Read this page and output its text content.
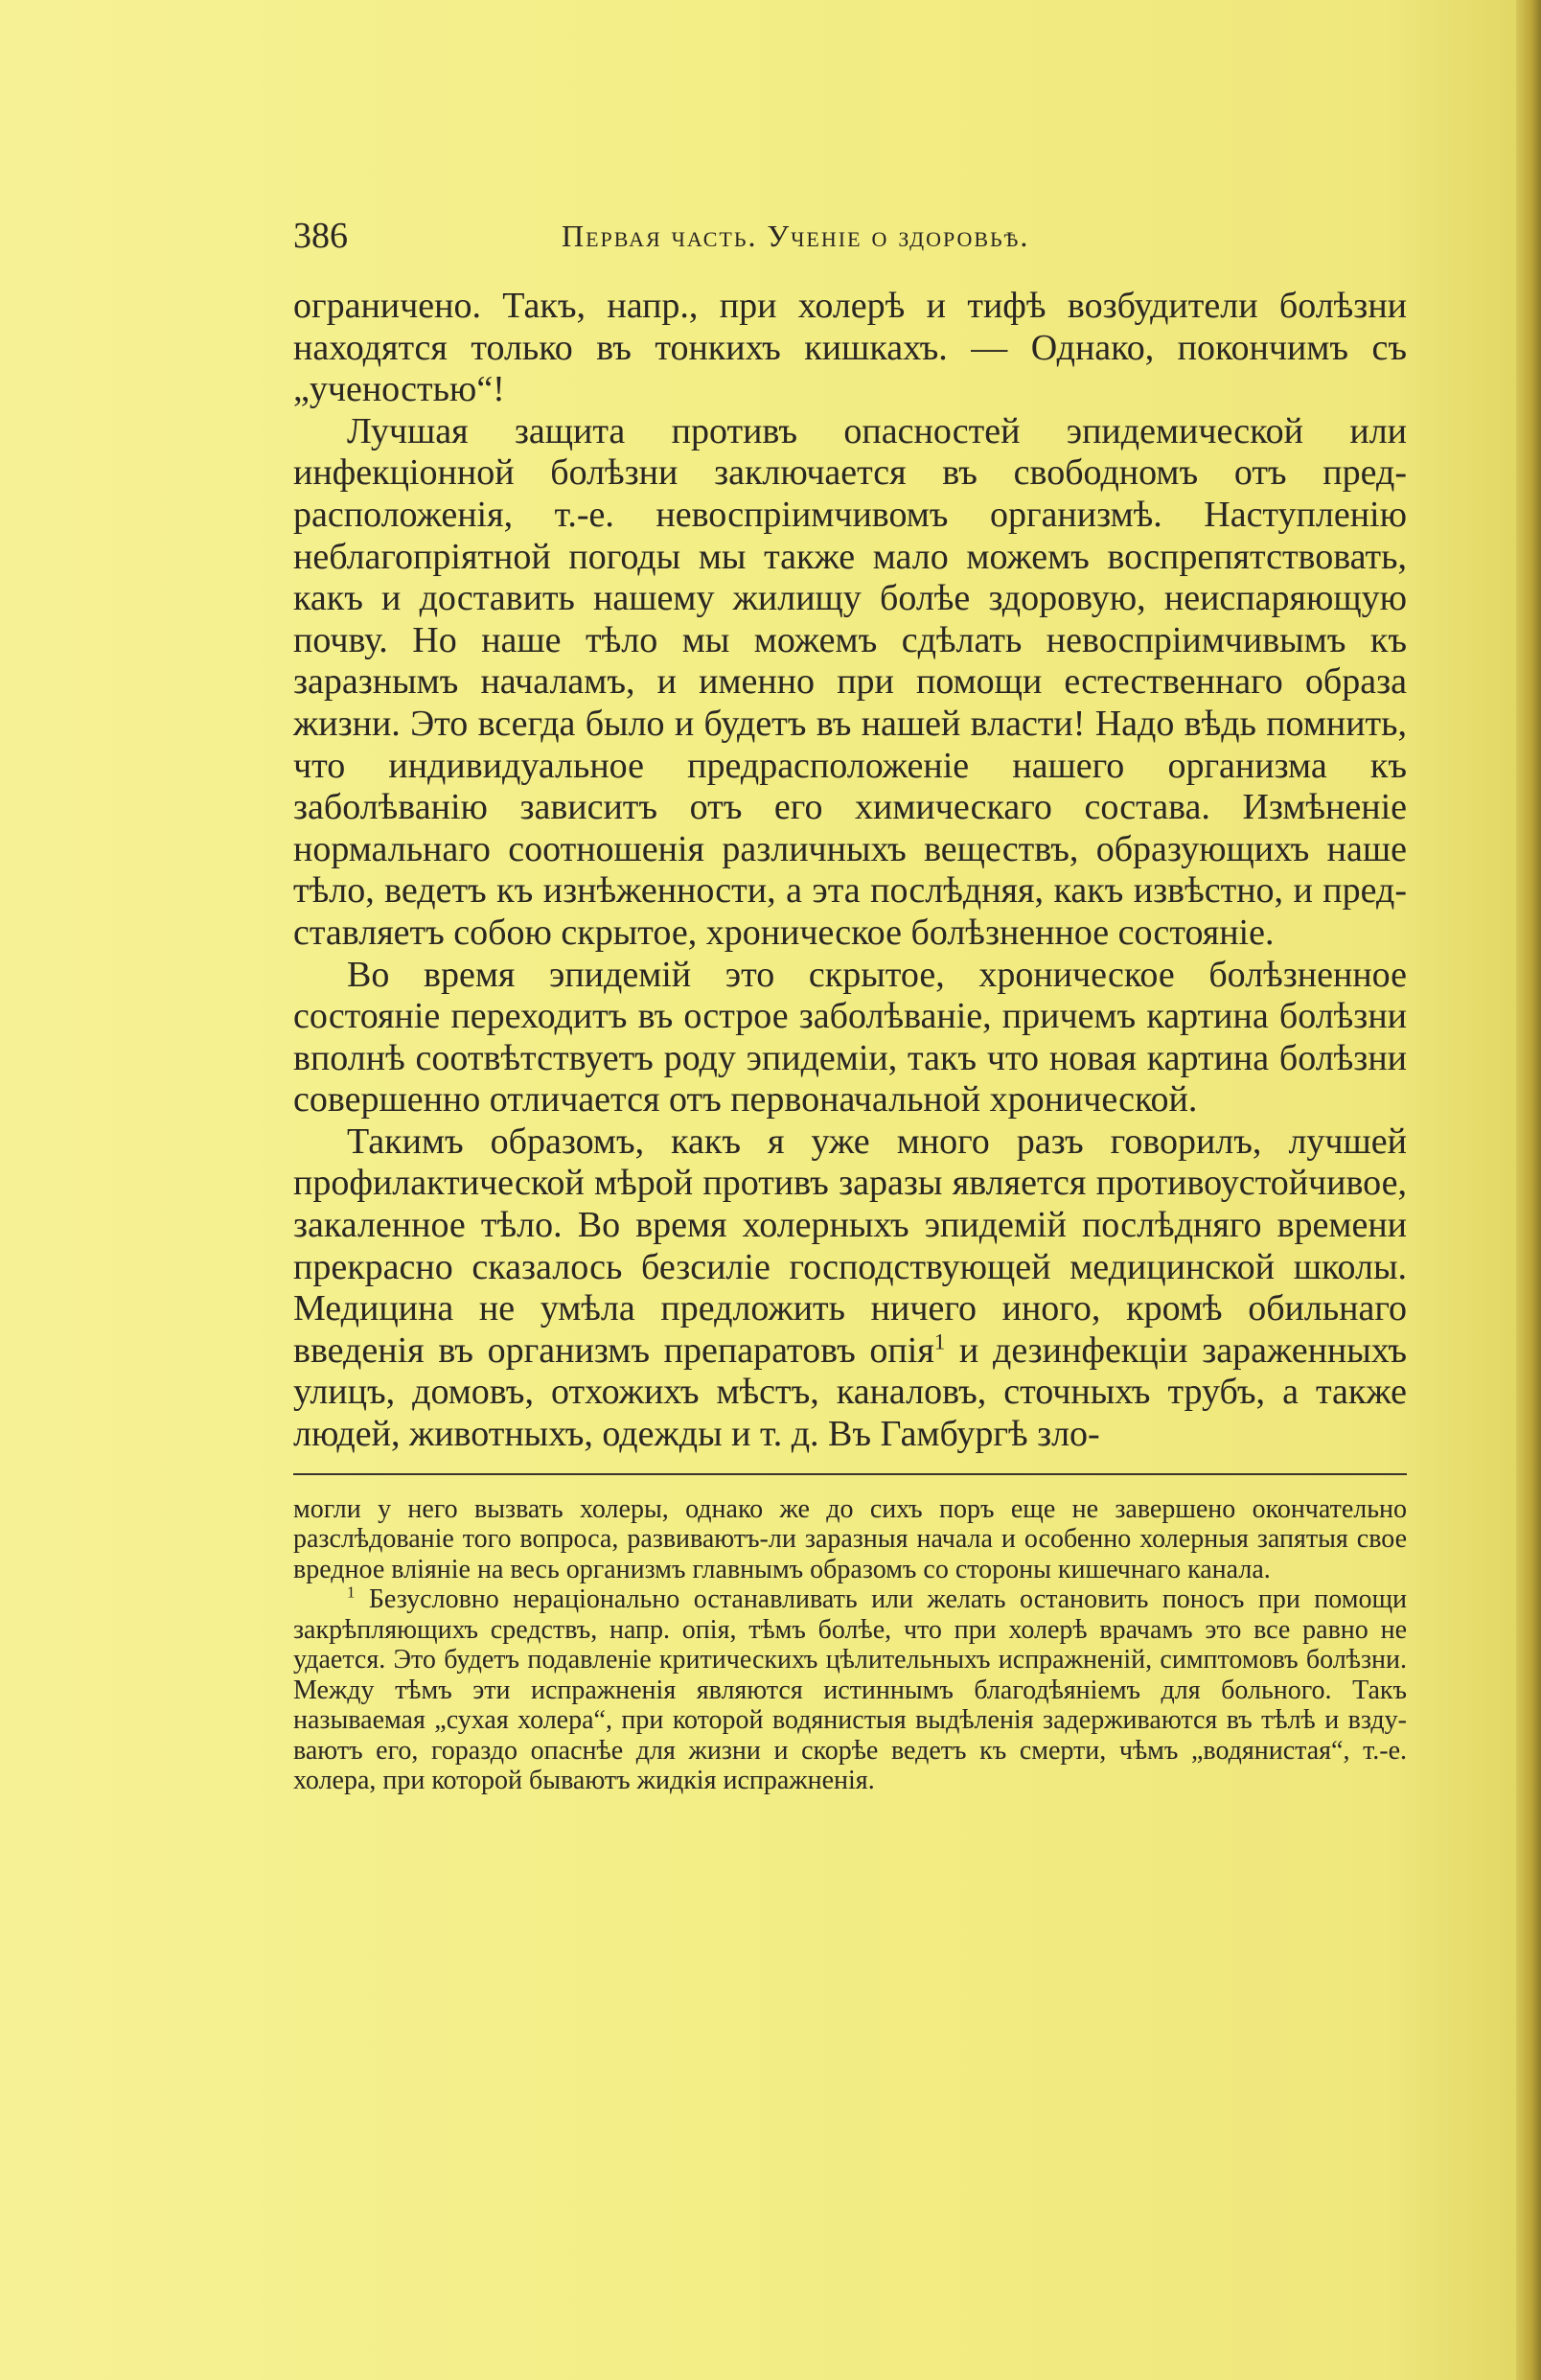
386	Первая часть. Ученіе о здоровьѣ.

ограничено. Такъ, напр., при холерѣ и тифѣ возбудители болѣзни находятся только въ тонкихъ кишкахъ. — Однако, покончимъ съ „ученостью“!

Лучшая защита противъ опасностей эпидемической или инфекціонной болѣзни заключается въ свободномъ отъ предрасположенія, т.-е. невоспріимчивомъ организмѣ. Наступленію неблагопріятной погоды мы также мало можемъ воспрепятствовать, какъ и доставить нашему жилищу болѣе здоровую, неиспаряющую почву. Но наше тѣло мы можемъ сдѣлать невоспріимчивымъ къ заразнымъ началамъ, и именно при помощи естественнаго образа жизни. Это всегда было и будетъ въ нашей власти! Надо вѣдь помнить, что индивидуальное предрасположеніе нашего организма къ заболѣванію зависитъ отъ его химическаго состава. Измѣненіе нормальнаго соотношенія различныхъ веществъ, образующихъ наше тѣло, ведетъ къ изнѣженности, а эта послѣдняя, какъ извѣстно, и представляетъ собою скрытое, хроническое болѣзненное состояніе.

Во время эпидемій это скрытое, хроническое болѣзненное состояніе переходитъ въ острое заболѣваніе, причемъ картина болѣзни вполнѣ соотвѣтствуетъ роду эпидеміи, такъ что новая картина болѣзни совершенно отличается отъ первоначальной хронической.

Такимъ образомъ, какъ я уже много разъ говорилъ, лучшей профилактической мѣрой противъ заразы является противоустойчивое, закаленное тѣло. Во время холерныхъ эпидемій послѣдняго времени прекрасно сказалось безсиліе господствующей медицинской школы. Медицина не умѣла предложить ничего иного, кромѣ обильнаго введенія въ организмъ препаратовъ опія$^1$ и дезинфекціи зараженныхъ улицъ, домовъ, отхожихъ мѣстъ, каналовъ, сточныхъ трубъ, а также людей, животныхъ, одежды и т. д. Въ Гамбургѣ зло-

могли у него вызвать холеры, однако же до сихъ поръ еще не завершено окончательно разслѣдованіе того вопроса, развиваютъ-ли заразныя начала и особенно холерныя запятыя свое вредное вліяніе на весь организмъ главнымъ образомъ со стороны кишечнаго канала.

$^1$ Безусловно нераціонально останавливать или желать остановить поносъ при помощи закрѣпляющихъ средствъ, напр. опія, тѣмъ болѣе, что при холерѣ врачамъ это все равно не удается. Это будетъ подавленіе критическихъ цѣлительныхъ испражненій, симптомовъ болѣзни. Между тѣмъ эти испражненія являются истиннымъ благодѣяніемъ для больного. Такъ называемая „сухая холера“, при которой водянистыя выдѣленія задерживаются въ тѣлѣ и вздуваютъ его, гораздо опаснѣе для жизни и скорѣе ведетъ къ смерти, чѣмъ „водянистая“, т.-е. холера, при которой бываютъ жидкія испражненія.
